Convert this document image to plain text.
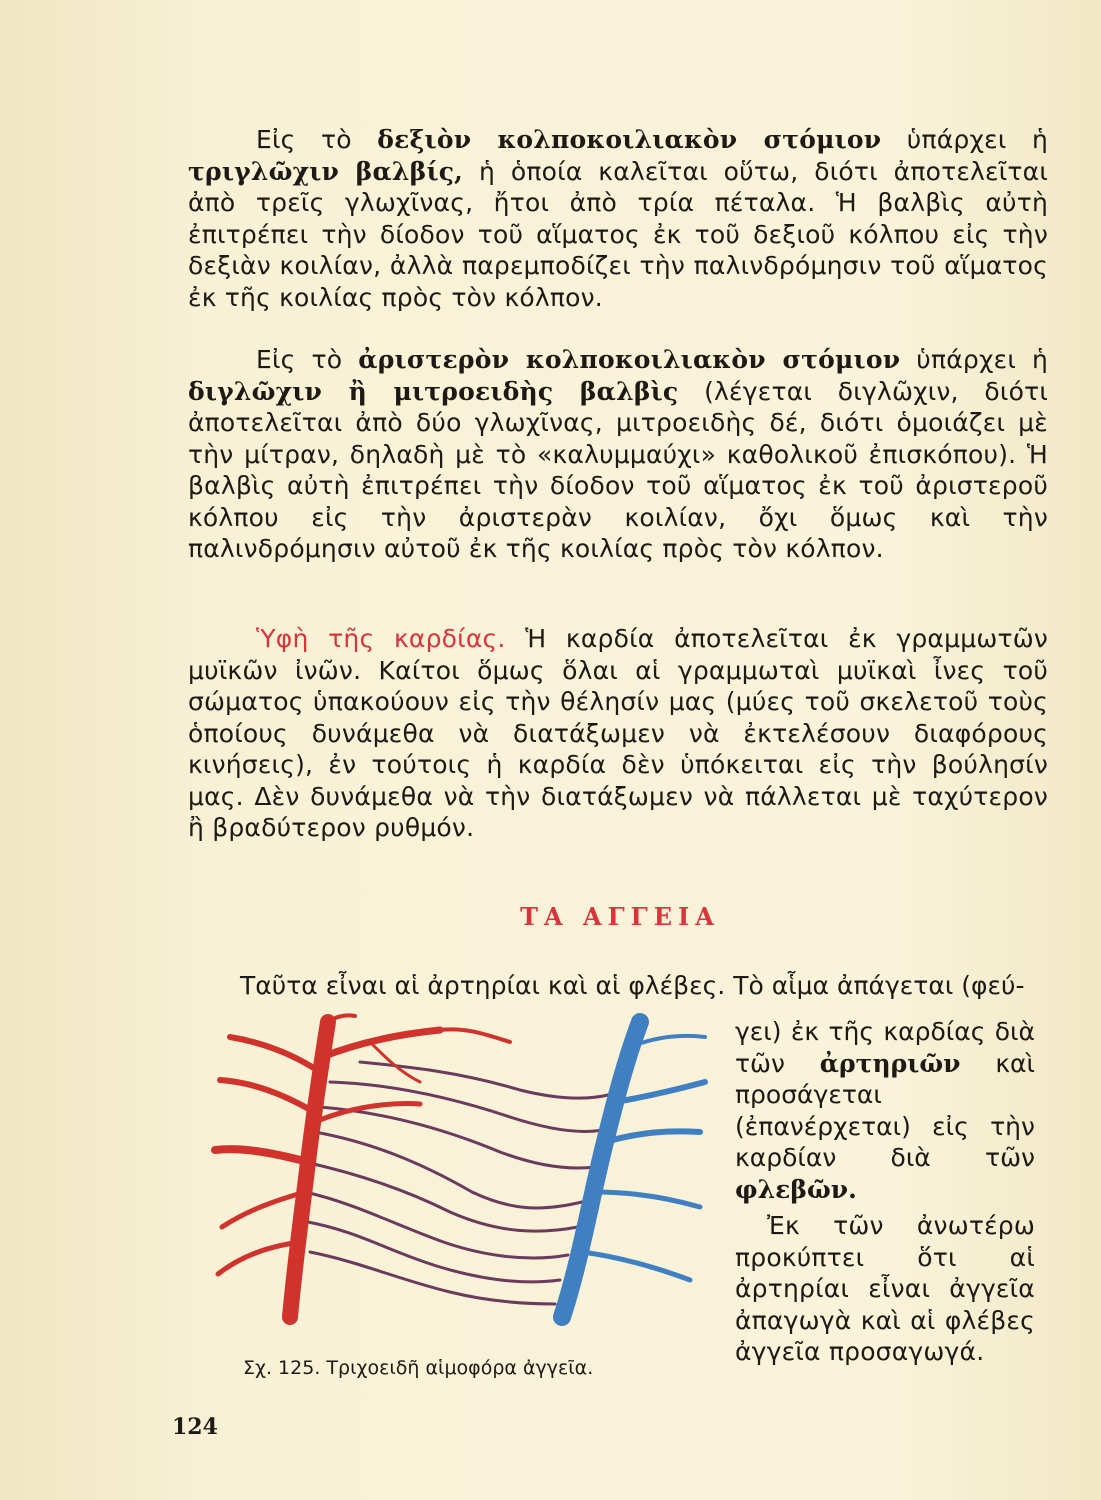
Εἰς τὸ δεξιὸν κολποκοιλιακὸν στόμιον ὑπάρχει ἡ τριγλῶχιν βαλβίς, ἡ ὁποία καλεῖται οὕτω, διότι ἀποτελεῖται ἀπὸ τρεῖς γλωχῖνας, ἤτοι ἀπὸ τρία πέταλα. Ἡ βαλβὶς αὐτὴ ἐπιτρέπει τὴν δίοδον τοῦ αἵματος ἐκ τοῦ δεξιοῦ κόλπου εἰς τὴν δεξιὰν κοιλίαν, ἀλλὰ παρεμποδίζει τὴν παλινδρόμησιν τοῦ αἵματος ἐκ τῆς κοιλίας πρὸς τὸν κόλπον.
Εἰς τὸ ἀριστερὸν κολποκοιλιακὸν στόμιον ὑπάρχει ἡ διγλῶχιν ἢ μιτροειδὴς βαλβὶς (λέγεται διγλῶχιν, διότι ἀποτελεῖται ἀπὸ δύο γλωχῖνας, μιτροειδὴς δέ, διότι ὁμοιάζει μὲ τὴν μίτραν, δηλαδὴ μὲ τὸ «καλυμμαύχι» καθολικοῦ ἐπισκόπου). Ἡ βαλβὶς αὐτὴ ἐπιτρέπει τὴν δίοδον τοῦ αἵματος ἐκ τοῦ ἀριστεροῦ κόλπου εἰς τὴν ἀριστερὰν κοιλίαν, ὄχι ὅμως καὶ τὴν παλινδρόμησιν αὐτοῦ ἐκ τῆς κοιλίας πρὸς τὸν κόλπον.
Ὑφὴ τῆς καρδίας. Ἡ καρδία ἀποτελεῖται ἐκ γραμμωτῶν μυϊκῶν ἰνῶν. Καίτοι ὅμως ὅλαι αἱ γραμμωταὶ μυϊκαὶ ἶνες τοῦ σώματος ὑπακούουν εἰς τὴν θέλησίν μας (μύες τοῦ σκελετοῦ τοὺς ὁποίους δυνάμεθα νὰ διατάξωμεν νὰ ἐκτελέσουν διαφόρους κινήσεις), ἐν τούτοις ἡ καρδία δὲν ὑπόκειται εἰς τὴν βούλησίν μας. Δὲν δυνάμεθα νὰ τὴν διατάξωμεν νὰ πάλλεται μὲ ταχύτερον ἢ βραδύτερον ρυθμόν.
ΤΑ ΑΓΓΕΙΑ
Ταῦτα εἶναι αἱ ἀρτηρίαι καὶ αἱ φλέβες. Τὸ αἷμα ἀπάγεται (φεύ-
γει) ἐκ τῆς καρδίας διὰ τῶν ἀρτηριῶν καὶ προσάγεται (ἐπανέρχεται) εἰς τὴν καρδίαν διὰ τῶν φλεβῶν.
Ἐκ τῶν ἀνωτέρω προκύπτει ὅτι αἱ ἀρτηρίαι εἶναι ἀγγεῖα ἀπαγωγὰ καὶ αἱ φλέβες ἀγγεῖα προσαγωγά.
Σχ. 125. Τριχοειδῆ αἱμοφόρα ἀγγεῖα.
124
